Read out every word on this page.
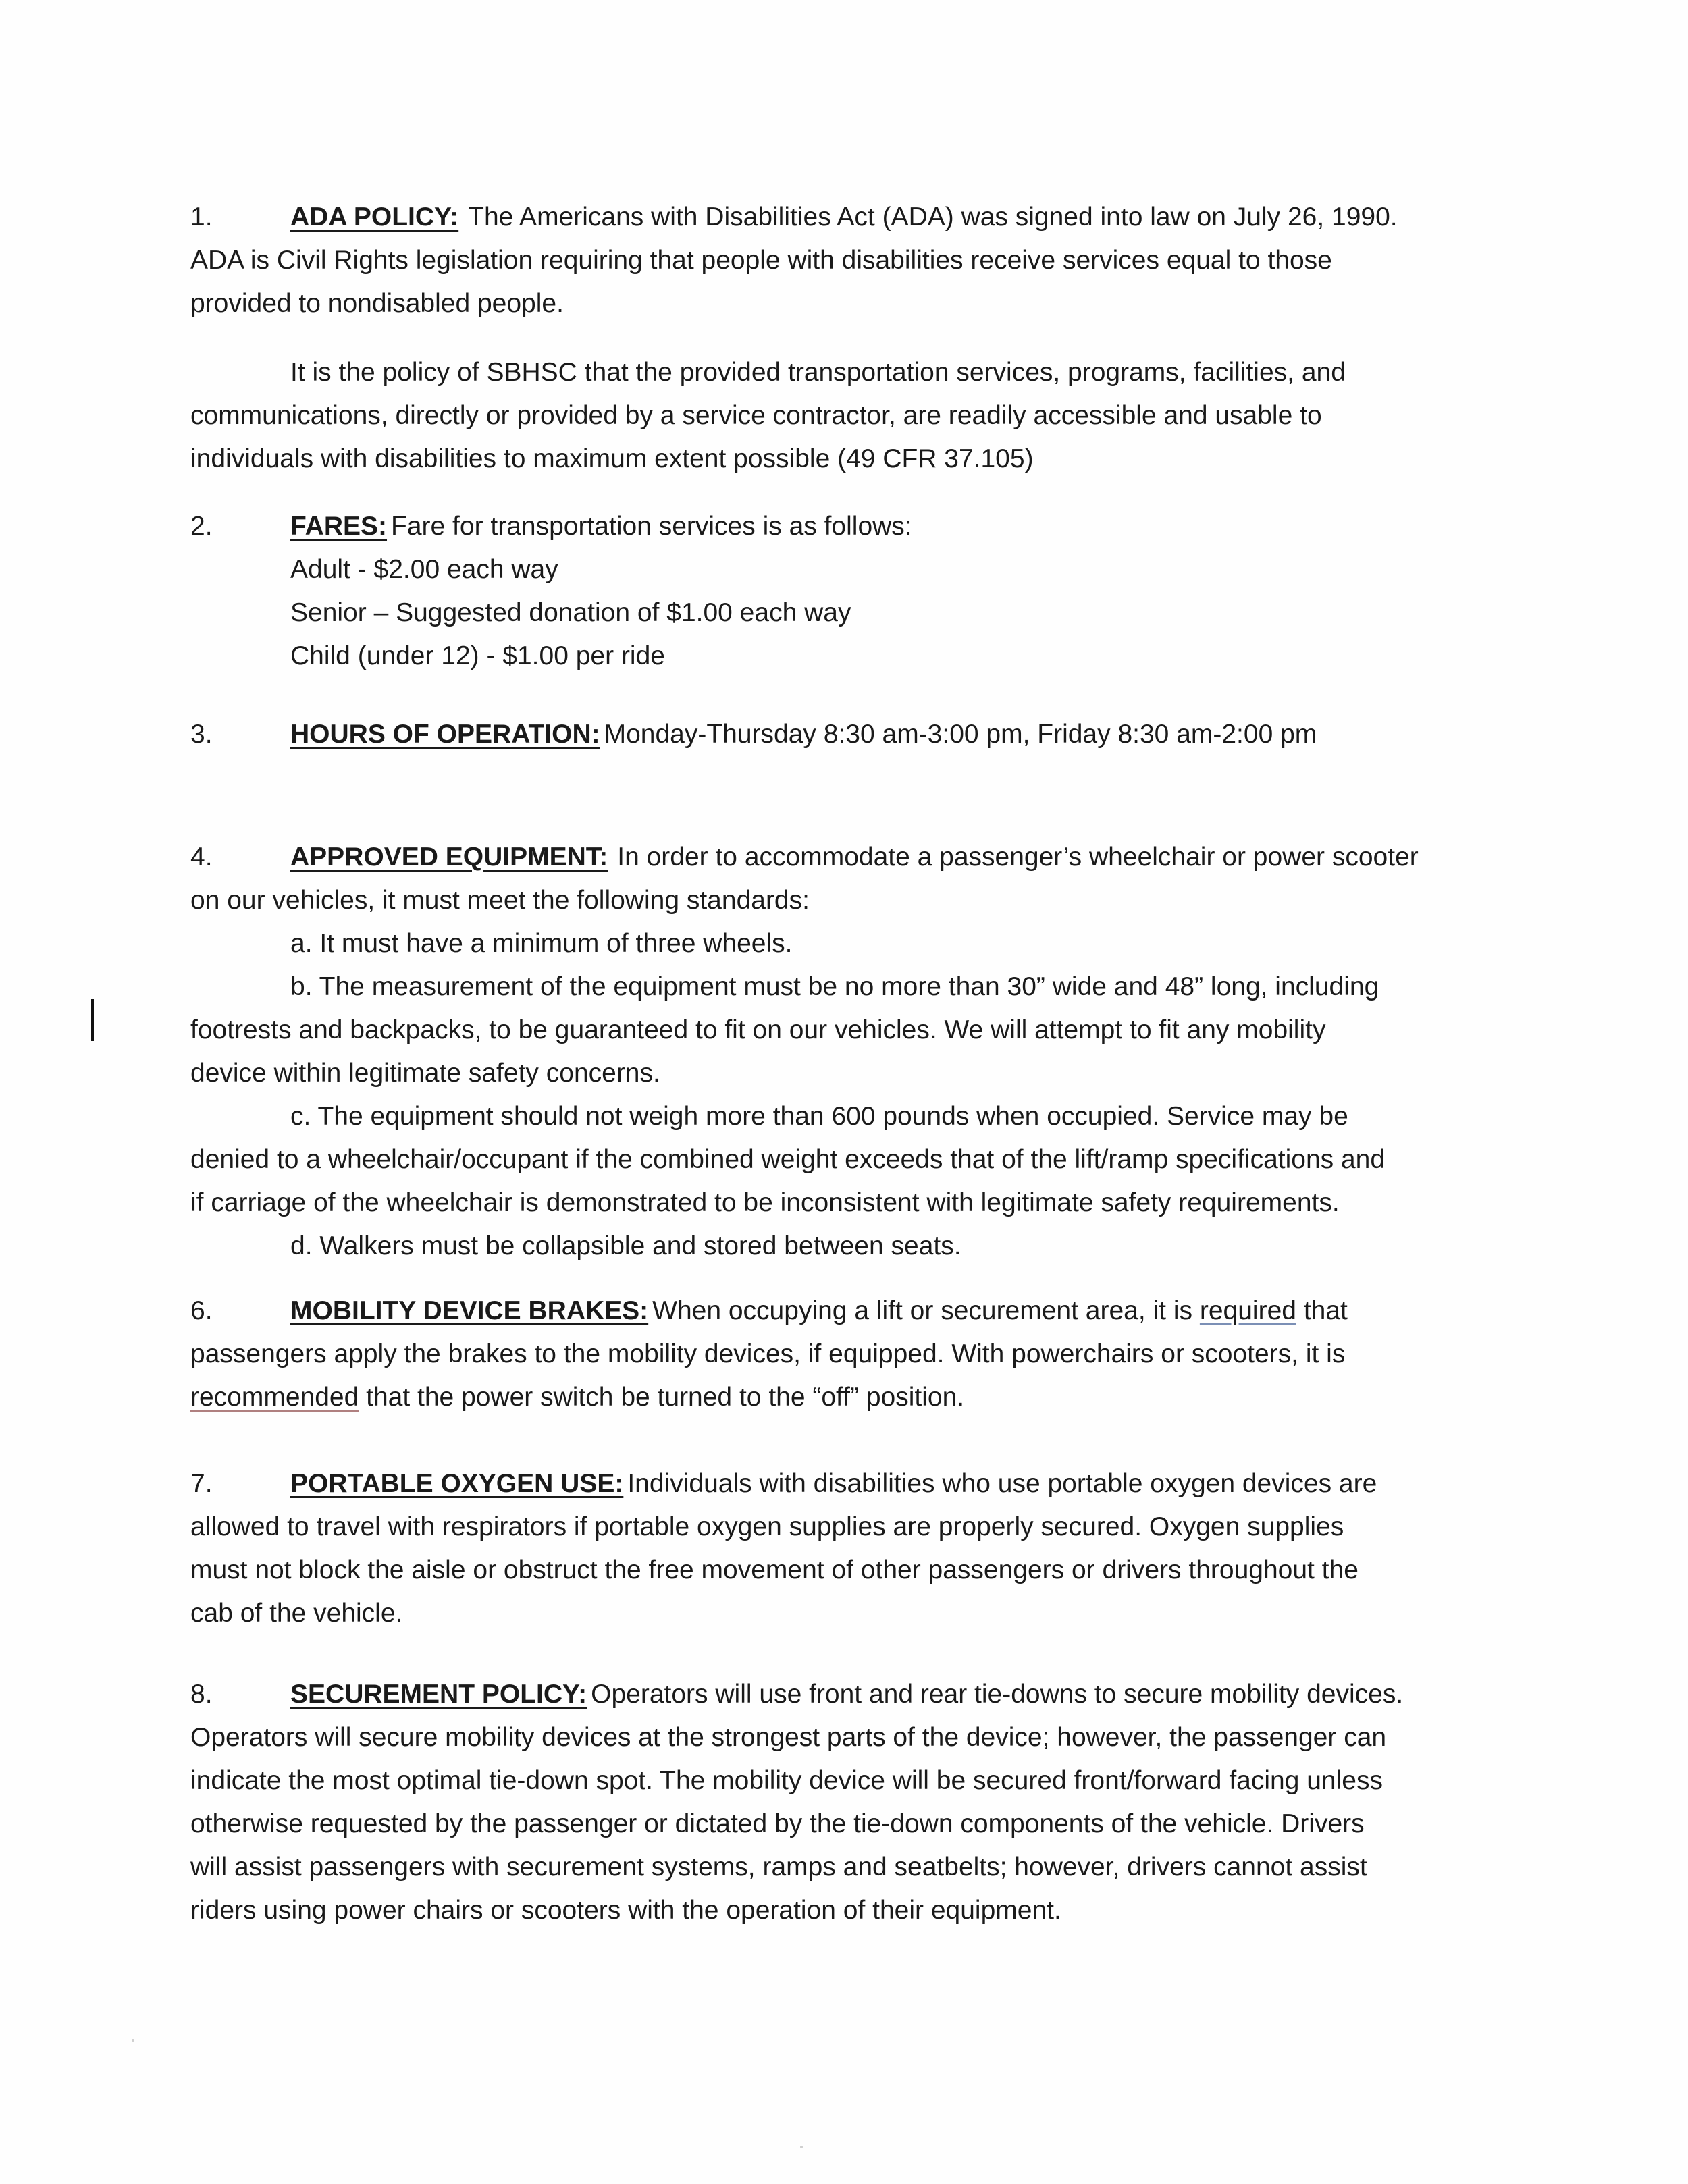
1.	ADA POLICY: The Americans with Disabilities Act (ADA) was signed into law on July 26, 1990.
ADA is Civil Rights legislation requiring that people with disabilities receive services equal to those
provided to nondisabled people.
It is the policy of SBHSC that the provided transportation services, programs, facilities, and
communications, directly or provided by a service contractor, are readily accessible and usable to
individuals with disabilities to maximum extent possible (49 CFR 37.105)
2.	FARES: Fare for transportation services is as follows:
Adult - $2.00 each way
Senior – Suggested donation of $1.00 each way
Child (under 12) - $1.00 per ride
3.	HOURS OF OPERATION: Monday-Thursday 8:30 am-3:00 pm, Friday 8:30 am-2:00 pm
4.	APPROVED EQUIPMENT: In order to accommodate a passenger’s wheelchair or power scooter
on our vehicles, it must meet the following standards:
a. It must have a minimum of three wheels.
b. The measurement of the equipment must be no more than 30” wide and 48” long, including
footrests and backpacks, to be guaranteed to fit on our vehicles. We will attempt to fit any mobility
device within legitimate safety concerns.
c. The equipment should not weigh more than 600 pounds when occupied. Service may be
denied to a wheelchair/occupant if the combined weight exceeds that of the lift/ramp specifications and
if carriage of the wheelchair is demonstrated to be inconsistent with legitimate safety requirements.
d. Walkers must be collapsible and stored between seats.
6.	MOBILITY DEVICE BRAKES: When occupying a lift or securement area, it is
required
that
passengers apply the brakes to the mobility devices, if equipped. With powerchairs or scooters, it is
recommended that the power switch be turned to the “off” position.
7.	PORTABLE OXYGEN USE: Individuals with disabilities who use portable oxygen devices are
allowed to travel with respirators if portable oxygen supplies are properly secured. Oxygen supplies
must not block the aisle or obstruct the free movement of other passengers or drivers throughout the
cab of the vehicle.
8.	SECUREMENT POLICY: Operators will use front and rear tie-downs to secure mobility devices.
Operators will secure mobility devices at the strongest parts of the device; however, the passenger can
indicate the most optimal tie-down spot. The mobility device will be secured front/forward facing unless
otherwise requested by the passenger or dictated by the tie-down components of the vehicle. Drivers
will assist passengers with securement systems, ramps and seatbelts; however, drivers cannot assist
riders using power chairs or scooters with the operation of their equipment.
